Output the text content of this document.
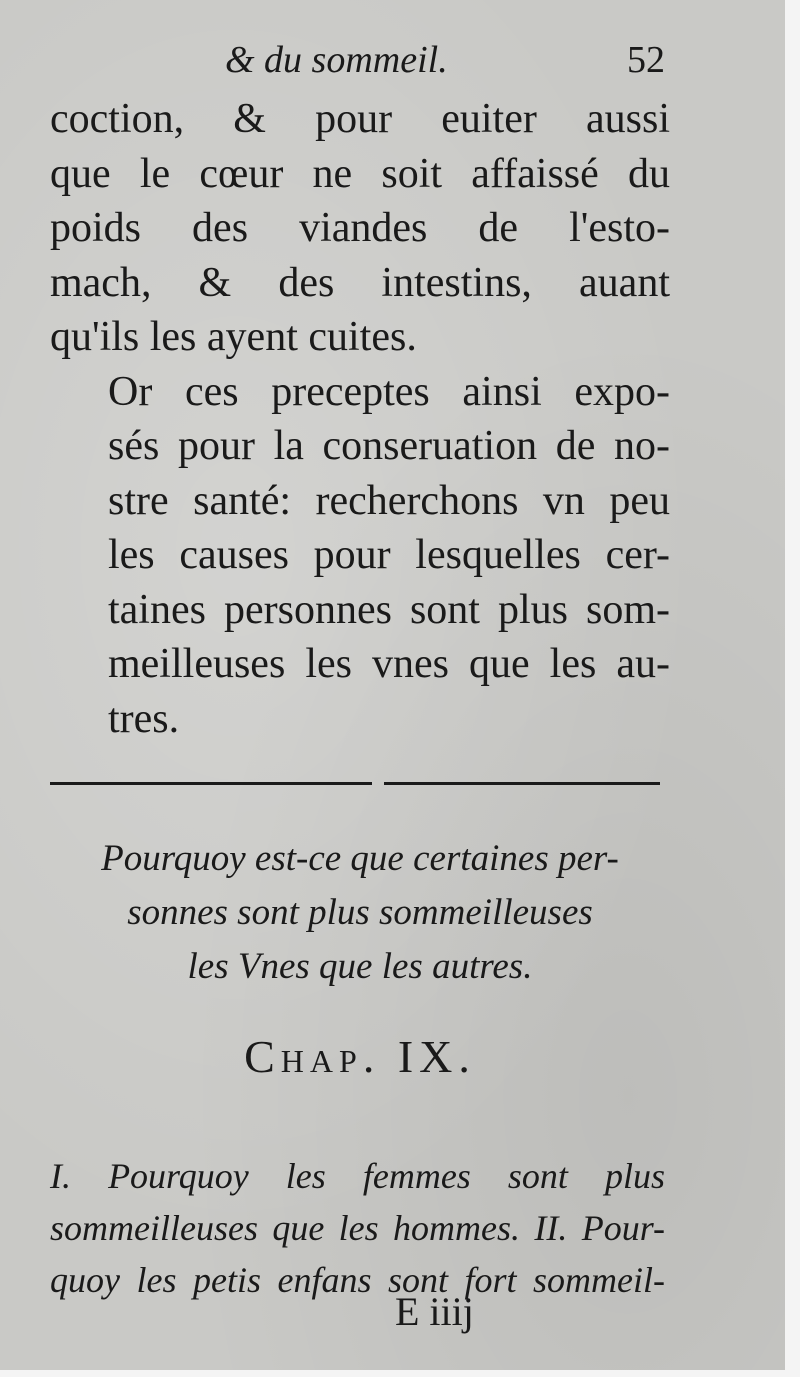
& du sommeil.	52

coction, & pour euiter aussi
que le cœur ne soit affaissé du
poids des viandes de l'esto-
mach, & des intestins, auant
qu'ils les ayent cuites.

Or ces preceptes ainsi expo-
sés pour la conseruation de no-
stre santé: recherchons vn peu
les causes pour lesquelles cer-
taines personnes sont plus som-
meilleuses les vnes que les au-
tres.

Pourquoy est-ce que certaines per-
sonnes sont plus sommeilleuses
les Vnes que les autres.
Chap. IX.
I. Pourquoy les femmes sont plus
sommeilleuses que les hommes. II. Pour-
quoy les petis enfans sont fort sommeil-
E iiij
